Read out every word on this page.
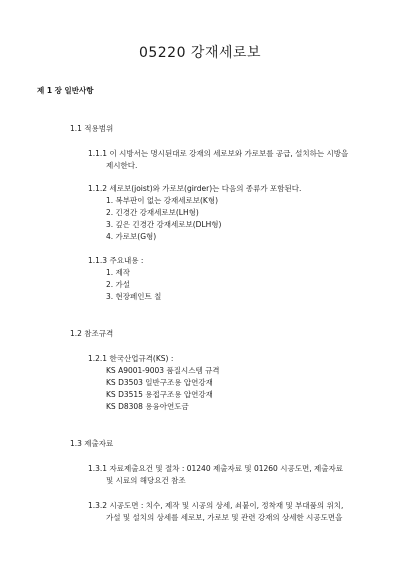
05220 강재세로보
제 1 장 일반사항
1.1 적용범위
1.1.1 이 시방서는 명시된대로 강재의 세로보와 가로보를 공급, 설치하는 시방을
제시한다.
1.1.2 세로보(joist)와 가로보(girder)는 다음의 종류가 포함된다.
1. 복부판이 없는 강재세로보(K형)
2. 긴경간 강재세로보(LH형)
3. 깊은 긴경간 강재세로보(DLH형)
4. 가로보(G형)
1.1.3 주요내용 :
1. 제작
2. 가설
3. 현장페인트 칠
1.2 참조규격
1.2.1 한국산업규격(KS) :
KS A9001-9003 품질시스템 규격
KS D3503 일반구조용 압연강재
KS D3515 용접구조용 압연강재
KS D8308 용융아연도금
1.3 제출자료
1.3.1 자료제출요건 및 절차 : 01240 제출자료 및 01260 시공도면, 제출자료
및 시료의 해당요건 참조
1.3.2 시공도면 : 치수, 제작 및 시공의 상세, 쇠붙이, 정착재 및 부대품의 위치,
가설 및 설치의 상세를 세로보, 가로보 및 관련 강재의 상세한 시공도면을
